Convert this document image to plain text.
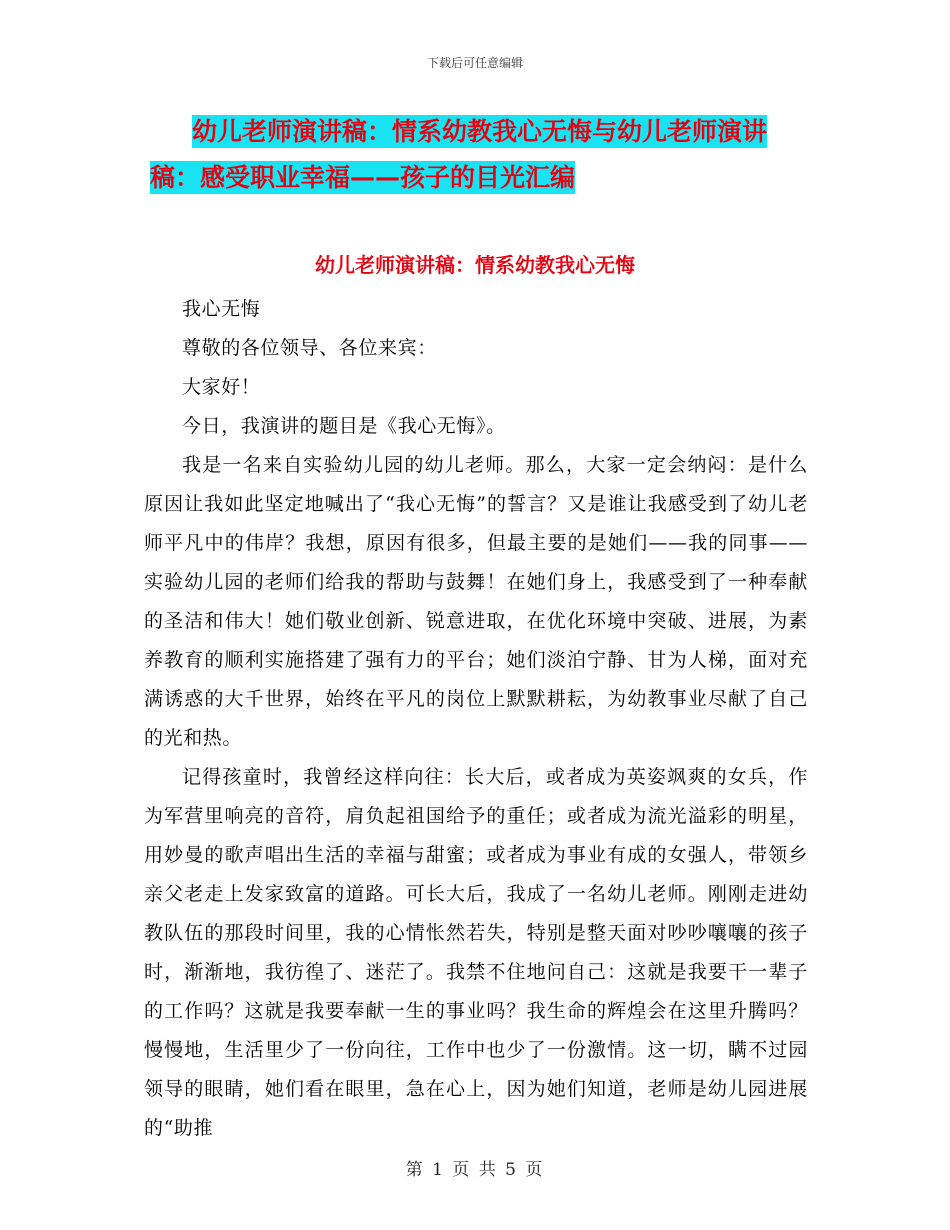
下载后可任意编辑
幼儿老师演讲稿：情系幼教我心无悔与幼儿老师演讲
稿：感受职业幸福——孩子的目光汇编
幼儿老师演讲稿：情系幼教我心无悔

我心无悔

尊敬的各位领导、各位来宾：

大家好！

今日，我演讲的题目是《我心无悔》。

我是一名来自实验幼儿园的幼儿老师。那么，大家一定会纳闷：是什么原因让我如此坚定地喊出了“我心无悔”的誓言？又是谁让我感受到了幼儿老师平凡中的伟岸？我想，原因有很多，但最主要的是她们——我的同事——实验幼儿园的老师们给我的帮助与鼓舞！在她们身上，我感受到了一种奉献的圣洁和伟大！她们敬业创新、锐意进取，在优化环境中突破、进展，为素养教育的顺利实施搭建了强有力的平台；她们淡泊宁静、甘为人梯，面对充满诱惑的大千世界，始终在平凡的岗位上默默耕耘，为幼教事业尽献了自己的光和热。

记得孩童时，我曾经这样向往：长大后，或者成为英姿飒爽的女兵，作为军营里响亮的音符，肩负起祖国给予的重任；或者成为流光溢彩的明星，用妙曼的歌声唱出生活的幸福与甜蜜；或者成为事业有成的女强人，带领乡亲父老走上发家致富的道路。可长大后，我成了一名幼儿老师。刚刚走进幼教队伍的那段时间里，我的心情怅然若失，特别是整天面对吵吵嚷嚷的孩子时，渐渐地，我彷徨了、迷茫了。我禁不住地问自己：这就是我要干一辈子的工作吗？这就是我要奉献一生的事业吗？我生命的辉煌会在这里升腾吗？慢慢地，生活里少了一份向往，工作中也少了一份激情。这一切，瞒不过园领导的眼睛，她们看在眼里，急在心上，因为她们知道，老师是幼儿园进展的“助推

第 1 页 共 5 页
